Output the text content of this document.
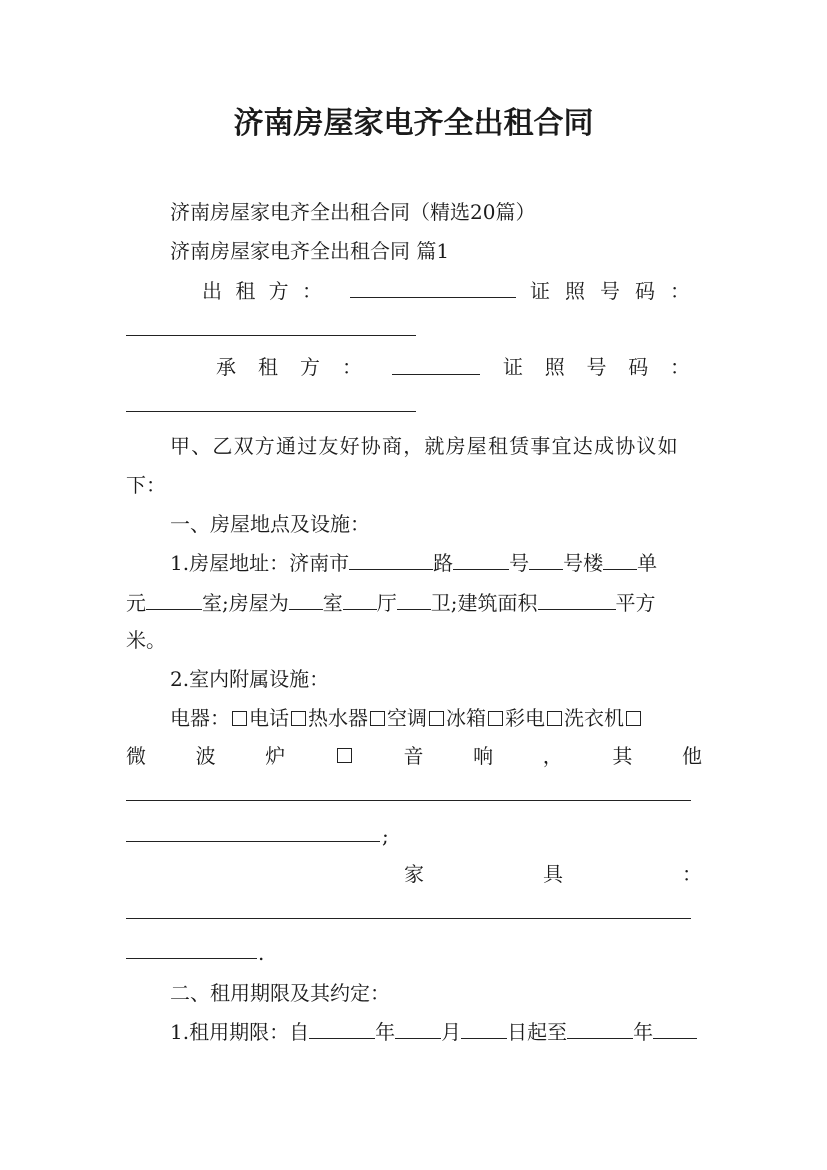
济南房屋家电齐全出租合同
济南房屋家电齐全出租合同（精选20篇）
济南房屋家电齐全出租合同 篇1
出 租 方 ：	证 照 号 码 ：
承 租 方 ：	证 照 号 码 ：
甲、乙双方通过友好协商，就房屋租赁事宜达成协议如
下：
一、房屋地点及设施：
1.房屋地址：济南市	路	号 号楼 单
元	室;房屋为 室 厅 卫;建筑面积	平方
米。
2.室内附属设施：
电器： 电话 热水器 空调 冰箱 彩电 洗衣机
微 波 炉	音 响 ， 其 他
;
家	具	：
.
二、租用期限及其约定：
1.租用期限：自	年 月 日起至	年
